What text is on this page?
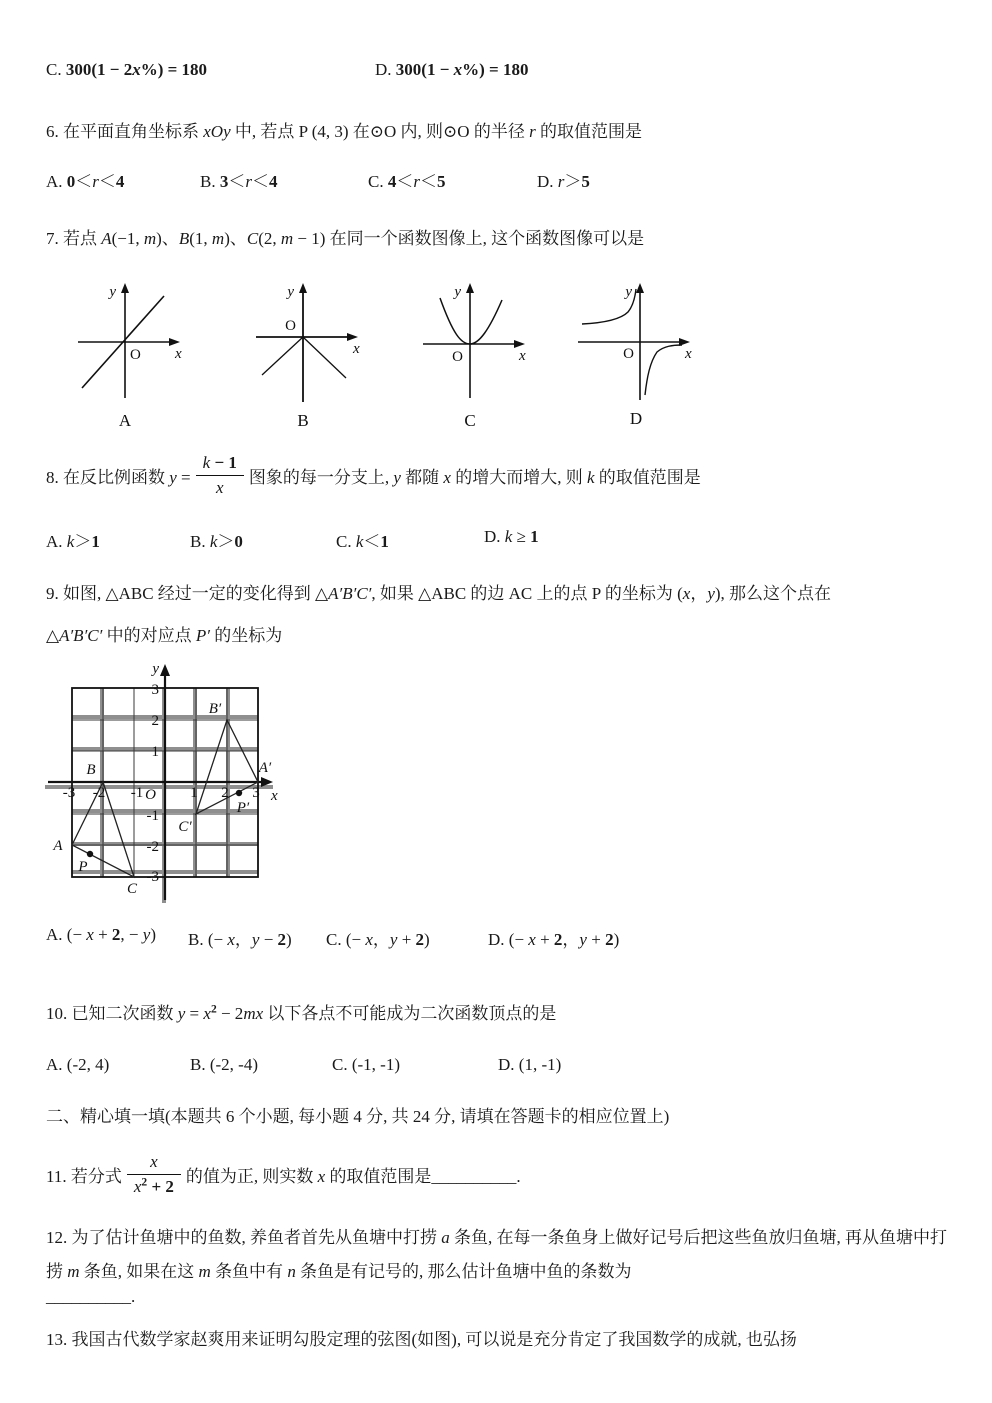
C. 300(1 − 2x%) = 180	D. 300(1 − x%) = 180
6. 在平面直角坐标系 xOy 中, 若点 P (4, 3) 在⊙O 内, 则⊙O 的半径 r 的取值范围是
A. 0＜r＜4	B. 3＜r＜4	C. 4＜r＜5	D. r＞5
7. 若点 A(−1, m)、B(1, m)、C(2, m − 1) 在同一个函数图像上, 这个函数图像可以是
y
x
O
A
O
y
x
B
O
y
x
C
O
y
x
D
8. 在反比例函数 $y = \frac{k - 1}{x}$ 图象的每一分支上, y 都随 x 的增大而增大, 则 k 的取值范围是
A. k＞1	B. k＞0	C. k＜1	D. k ≥ 1
9. 如图, △ABC 经过一定的变化得到 △A′B′C′, 如果 △ABC 的边 AC 上的点 P 的坐标为 (x，y), 那么这个点在
△A′B′C′ 中的对应点 P′ 的坐标为
-3 -2 -1	1 2 3
3
2
1
-1
-2
-3
O	x
y
A
B
C
P
A′
B′
C′
P′
A. (− x + 2, − y) B. (− x，y − 2) C. (− x，y + 2)	D. (− x + 2，y + 2)
10. 已知二次函数 $y = x^2 - 2mx$ 以下各点不可能成为二次函数顶点的是
A. (-2, 4)	B. (-2, -4)	C. (-1, -1)	D. (1, -1)
二、精心填一填(本题共 6 个小题, 每小题 4 分, 共 24 分, 请填在答题卡的相应位置上)
11. 若分式 $\frac{x}{x^2 + 2}$ 的值为正, 则实数 x 的取值范围是__________.
12. 为了估计鱼塘中的鱼数, 养鱼者首先从鱼塘中打捞 a 条鱼, 在每一条鱼身上做好记号后把这些鱼放归鱼塘, 再从鱼塘中打捞 m 条鱼, 如果在这 m 条鱼中有 n 条鱼是有记号的, 那么估计鱼塘中鱼的条数为
__________.
13. 我国古代数学家赵爽用来证明勾股定理的弦图(如图), 可以说是充分肯定了我国数学的成就, 也弘扬
